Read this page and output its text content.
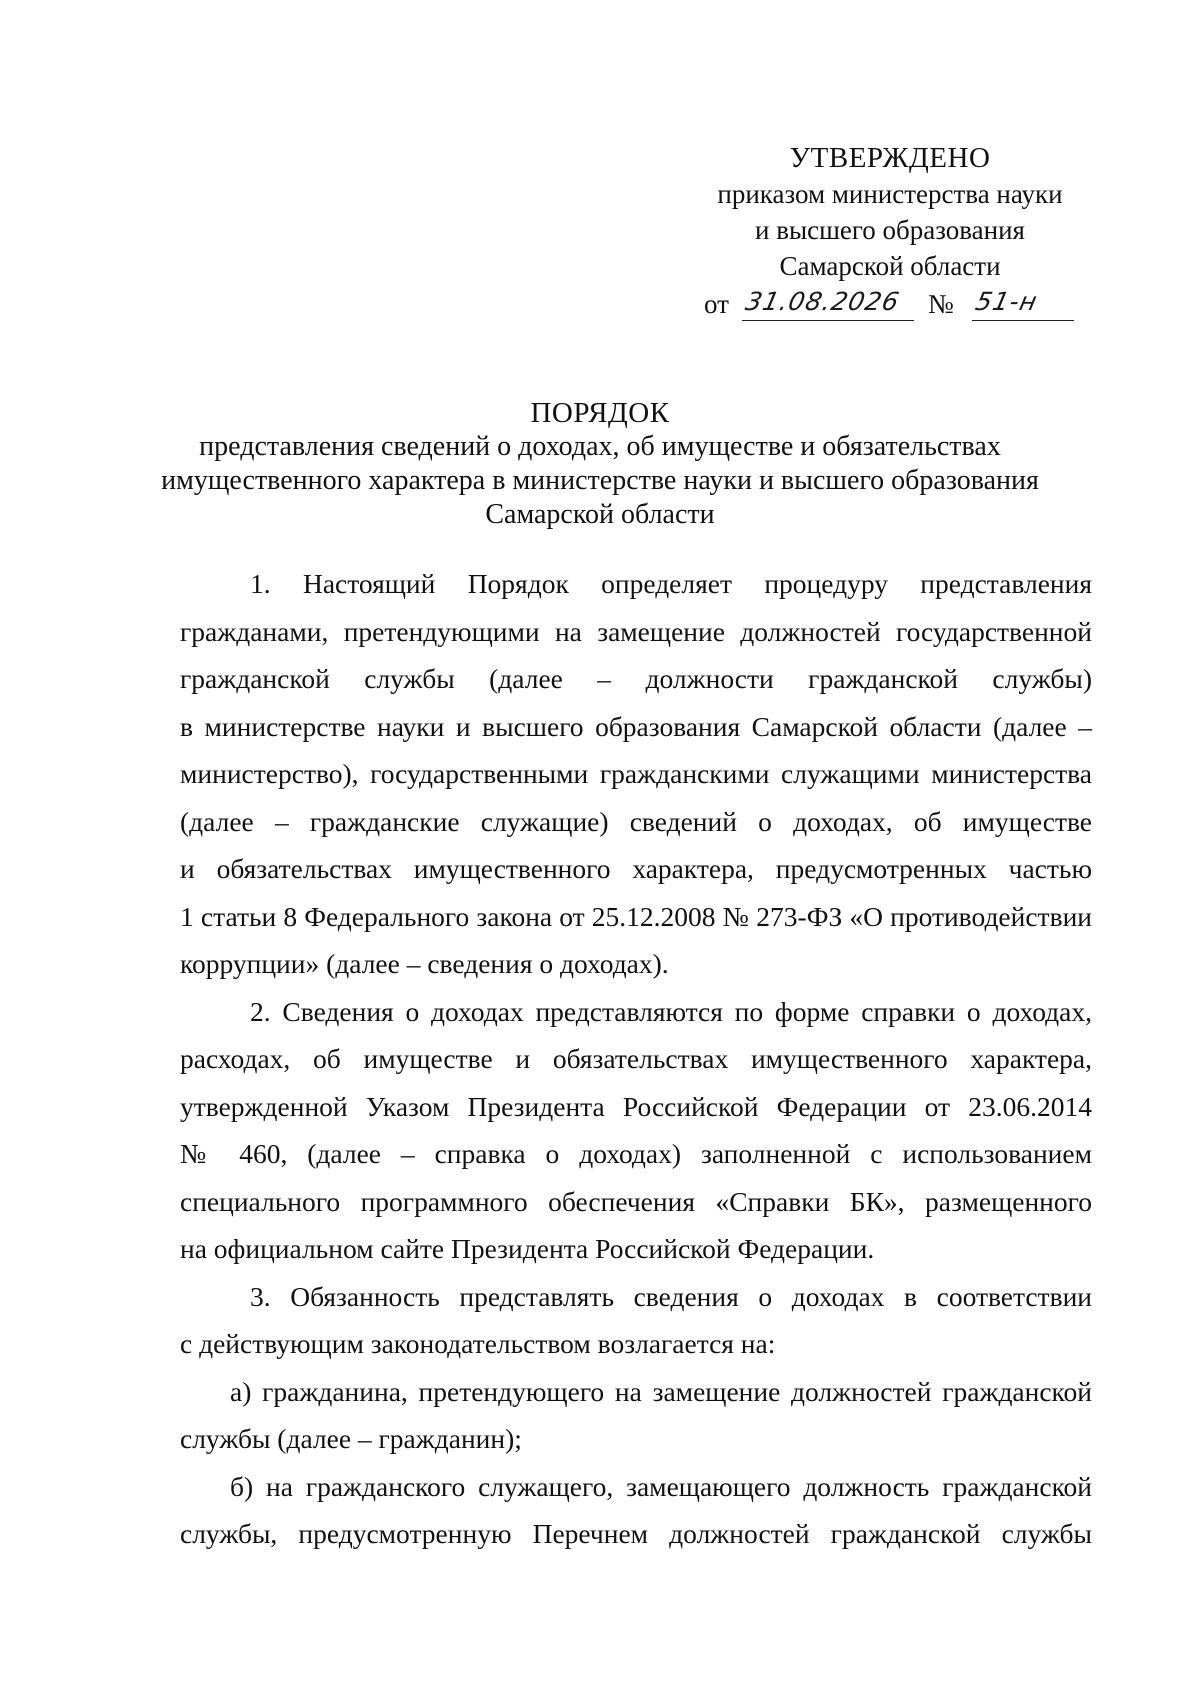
УТВЕРЖДЕНО
приказом министерства науки
и высшего образования
Самарской области
от 31.08.2026 № 51-н
ПОРЯДОК
представления сведений о доходах, об имуществе и обязательствах
имущественного характера в министерстве науки и высшего образования
Самарской области
1. Настоящий Порядок определяет процедуру представления
гражданами, претендующими на замещение должностей государственной
гражданской службы (далее – должности гражданской службы)
в министерстве науки и высшего образования Самарской области (далее –
министерство), государственными гражданскими служащими министерства
(далее – гражданские служащие) сведений о доходах, об имуществе
и обязательствах имущественного характера, предусмотренных частью
1 статьи 8 Федерального закона от 25.12.2008 № 273-ФЗ «О противодействии
коррупции» (далее – сведения о доходах).
2. Сведения о доходах представляются по форме справки о доходах,
расходах, об имуществе и обязательствах имущественного характера,
утвержденной Указом Президента Российской Федерации от 23.06.2014
№ 460, (далее – справка о доходах) заполненной с использованием
специального программного обеспечения «Справки БК», размещенного
на официальном сайте Президента Российской Федерации.
3. Обязанность представлять сведения о доходах в соответствии
с действующим законодательством возлагается на:
а) гражданина, претендующего на замещение должностей гражданской
службы (далее – гражданин);
б) на гражданского служащего, замещающего должность гражданской
службы, предусмотренную Перечнем должностей гражданской службы
